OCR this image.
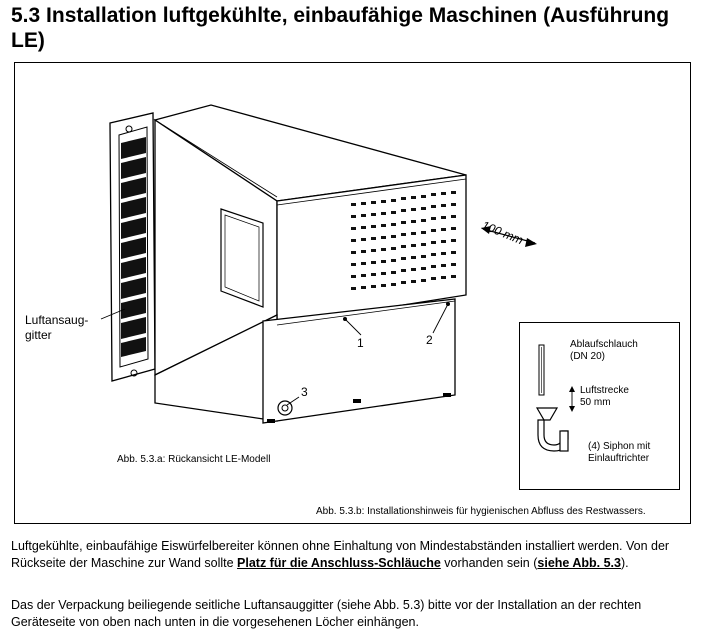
5.3 Installation luftgekühlte, einbaufähige Maschinen (Ausführung LE)
Luftansaug-
gitter
100 mm
1	2
3
Abb. 5.3.a: Rückansicht LE-Modell
Abb. 5.3.b: Installationshinweis für hygienischen Abfluss des Restwassers.
Ablaufschlauch
(DN 20)
Luftstrecke
50 mm
(4) Siphon mit
Einlauftrichter

Luftgekühlte, einbaufähige Eiswürfelbereiter können ohne Einhaltung von Mindestabständen installiert werden. Von der Rückseite der Maschine zur Wand sollte Platz für die Anschluss-Schläuche vorhanden sein (siehe Abb. 5.3).

Das der Verpackung beiliegende seitliche Luftansauggitter (siehe Abb. 5.3) bitte vor der Installation an der rechten Geräteseite von oben nach unten in die vorgesehenen Löcher einhängen.
